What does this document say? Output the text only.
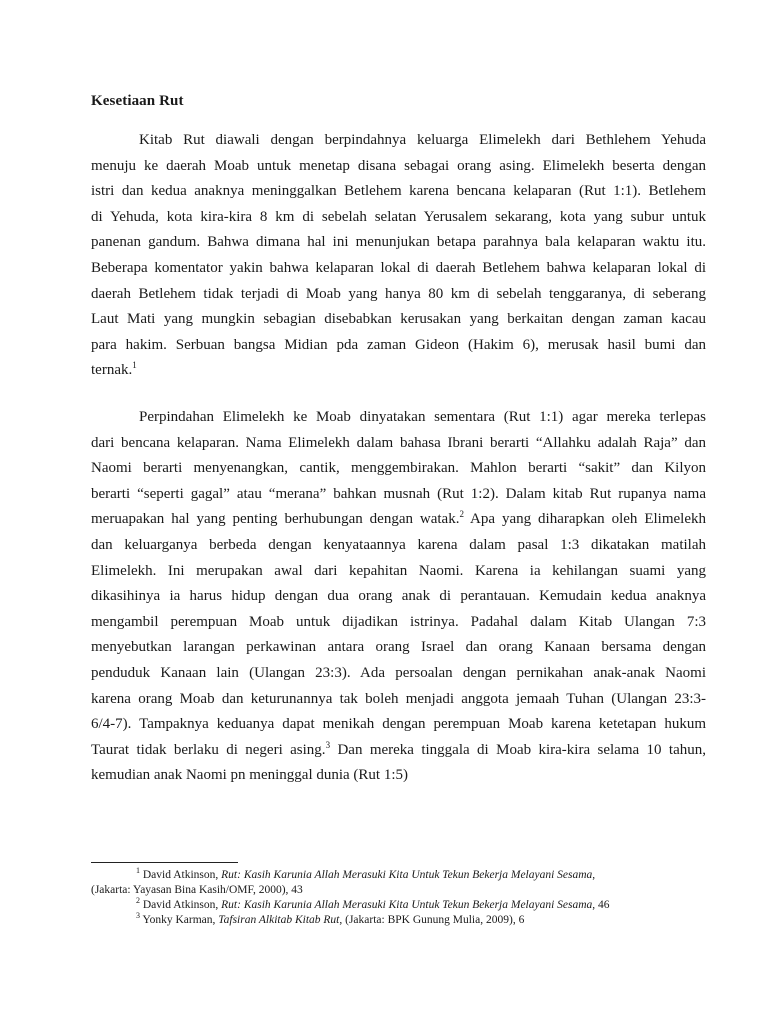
Kesetiaan Rut
Kitab Rut diawali dengan berpindahnya keluarga Elimelekh dari Bethlehem Yehuda
menuju ke daerah Moab untuk menetap disana sebagai orang asing. Elimelekh beserta dengan
istri dan kedua anaknya meninggalkan Betlehem karena bencana kelaparan (Rut 1:1). Betlehem
di Yehuda, kota kira-kira 8 km di sebelah selatan Yerusalem sekarang, kota yang subur untuk
panenan gandum. Bahwa dimana hal ini menunjukan betapa parahnya bala kelaparan waktu itu.
Beberapa komentator yakin bahwa kelaparan lokal di daerah Betlehem bahwa kelaparan lokal di
daerah Betlehem tidak terjadi di Moab yang hanya 80 km di sebelah tenggaranya, di seberang
Laut Mati yang mungkin sebagian disebabkan kerusakan yang berkaitan dengan zaman kacau
para hakim. Serbuan bangsa Midian pda zaman Gideon (Hakim 6), merusak hasil bumi dan
ternak.$^1$
Perpindahan Elimelekh ke Moab dinyatakan sementara (Rut 1:1) agar mereka terlepas
dari bencana kelaparan. Nama Elimelekh dalam bahasa Ibrani berarti “Allahku adalah Raja” dan
Naomi berarti menyenangkan, cantik, menggembirakan. Mahlon berarti “sakit” dan Kilyon
berarti “seperti gagal” atau “merana” bahkan musnah (Rut 1:2). Dalam kitab Rut rupanya nama
meruapakan hal yang penting berhubungan dengan watak.$^2$ Apa yang diharapkan oleh Elimelekh
dan keluarganya berbeda dengan kenyataannya karena dalam pasal 1:3 dikatakan matilah
Elimelekh. Ini merupakan awal dari kepahitan Naomi. Karena ia kehilangan suami yang
dikasihinya ia harus hidup dengan dua orang anak di perantauan. Kemudain kedua anaknya
mengambil perempuan Moab untuk dijadikan istrinya. Padahal dalam Kitab Ulangan 7:3
menyebutkan larangan perkawinan antara orang Israel dan orang Kanaan bersama dengan
penduduk Kanaan lain (Ulangan 23:3). Ada persoalan dengan pernikahan anak-anak Naomi
karena orang Moab dan keturunannya tak boleh menjadi anggota jemaah Tuhan (Ulangan 23:3-
6/4-7). Tampaknya keduanya dapat menikah dengan perempuan Moab karena ketetapan hukum
Taurat tidak berlaku di negeri asing.$^3$ Dan mereka tinggala di Moab kira-kira selama 10 tahun,
kemudian anak Naomi pn meninggal dunia (Rut 1:5)
$^1$ David Atkinson, Rut: Kasih Karunia Allah Merasuki Kita Untuk Tekun Bekerja Melayani Sesama,
(Jakarta: Yayasan Bina Kasih/OMF, 2000), 43
$^2$ David Atkinson, Rut: Kasih Karunia Allah Merasuki Kita Untuk Tekun Bekerja Melayani Sesama, 46
$^3$ Yonky Karman, Tafsiran Alkitab Kitab Rut, (Jakarta: BPK Gunung Mulia, 2009), 6
